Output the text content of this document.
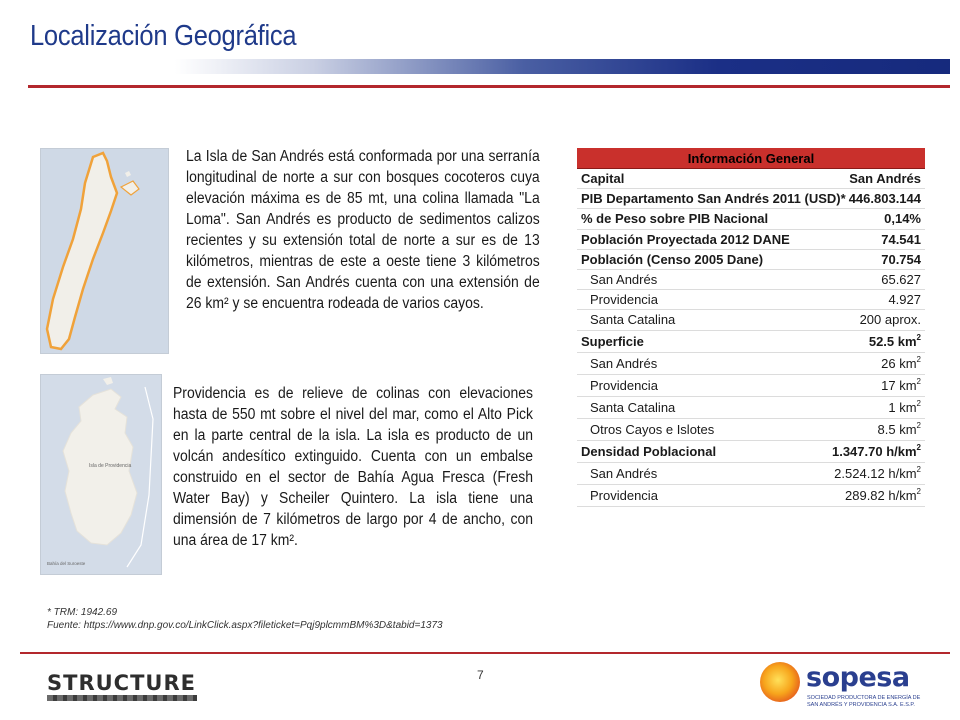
Localización Geográfica
La Isla de San Andrés está conformada por una serranía longitudinal de norte a sur con bosques cocoteros cuya elevación máxima es de 85 mt, una colina llamada "La Loma". San Andrés es producto de sedimentos calizos recientes y su extensión total de norte a sur es de 13 kilómetros, mientras de este a oeste tiene 3 kilómetros de extensión. San Andrés cuenta con una extensión de 26 km² y se encuentra rodeada de varios cayos.
Isla de Providencia
Bahía del Suroeste
Providencia es de relieve de colinas con elevaciones hasta de 550 mt sobre el nivel del mar, como el Alto Pick en la parte central de la isla. La isla es producto de un volcán andesítico extinguido. Cuenta con un embalse construido en el sector de Bahía Agua Fresca (Fresh Water Bay) y Scheiler Quintero. La isla tiene una dimensión de 7 kilómetros de largo por 4 de ancho, con una área de 17 km².
Información General	
Capital	San Andrés
PIB Departamento San Andrés 2011 (USD)*	446.803.144
% de Peso sobre PIB Nacional	0,14%
Población Proyectada 2012 DANE	74.541
Población (Censo 2005 Dane)	70.754
San Andrés	65.627
Providencia	4.927
Santa Catalina	200 aprox.
Superficie	52.5 $km^2$
San Andrés	26 $km^2$
Providencia	17 $km^2$
Santa Catalina	1 $km^2$
Otros Cayos e Islotes	8.5 $km^2$
Densidad Poblacional	1.347.70 $h/km^2$
San Andrés	2.524.12 $h/km^2$
Providencia	289.82 $h/km^2$
* TRM: 1942.69
Fuente: https://www.dnp.gov.co/LinkClick.aspx?fileticket=Pqj9plcmmBM%3D&tabid=1373
7
STRUCTURE	sopesa
SOCIEDAD PRODUCTORA DE ENERGÍA DE
SAN ANDRÉS Y PROVIDENCIA S.A. E.S.P.
